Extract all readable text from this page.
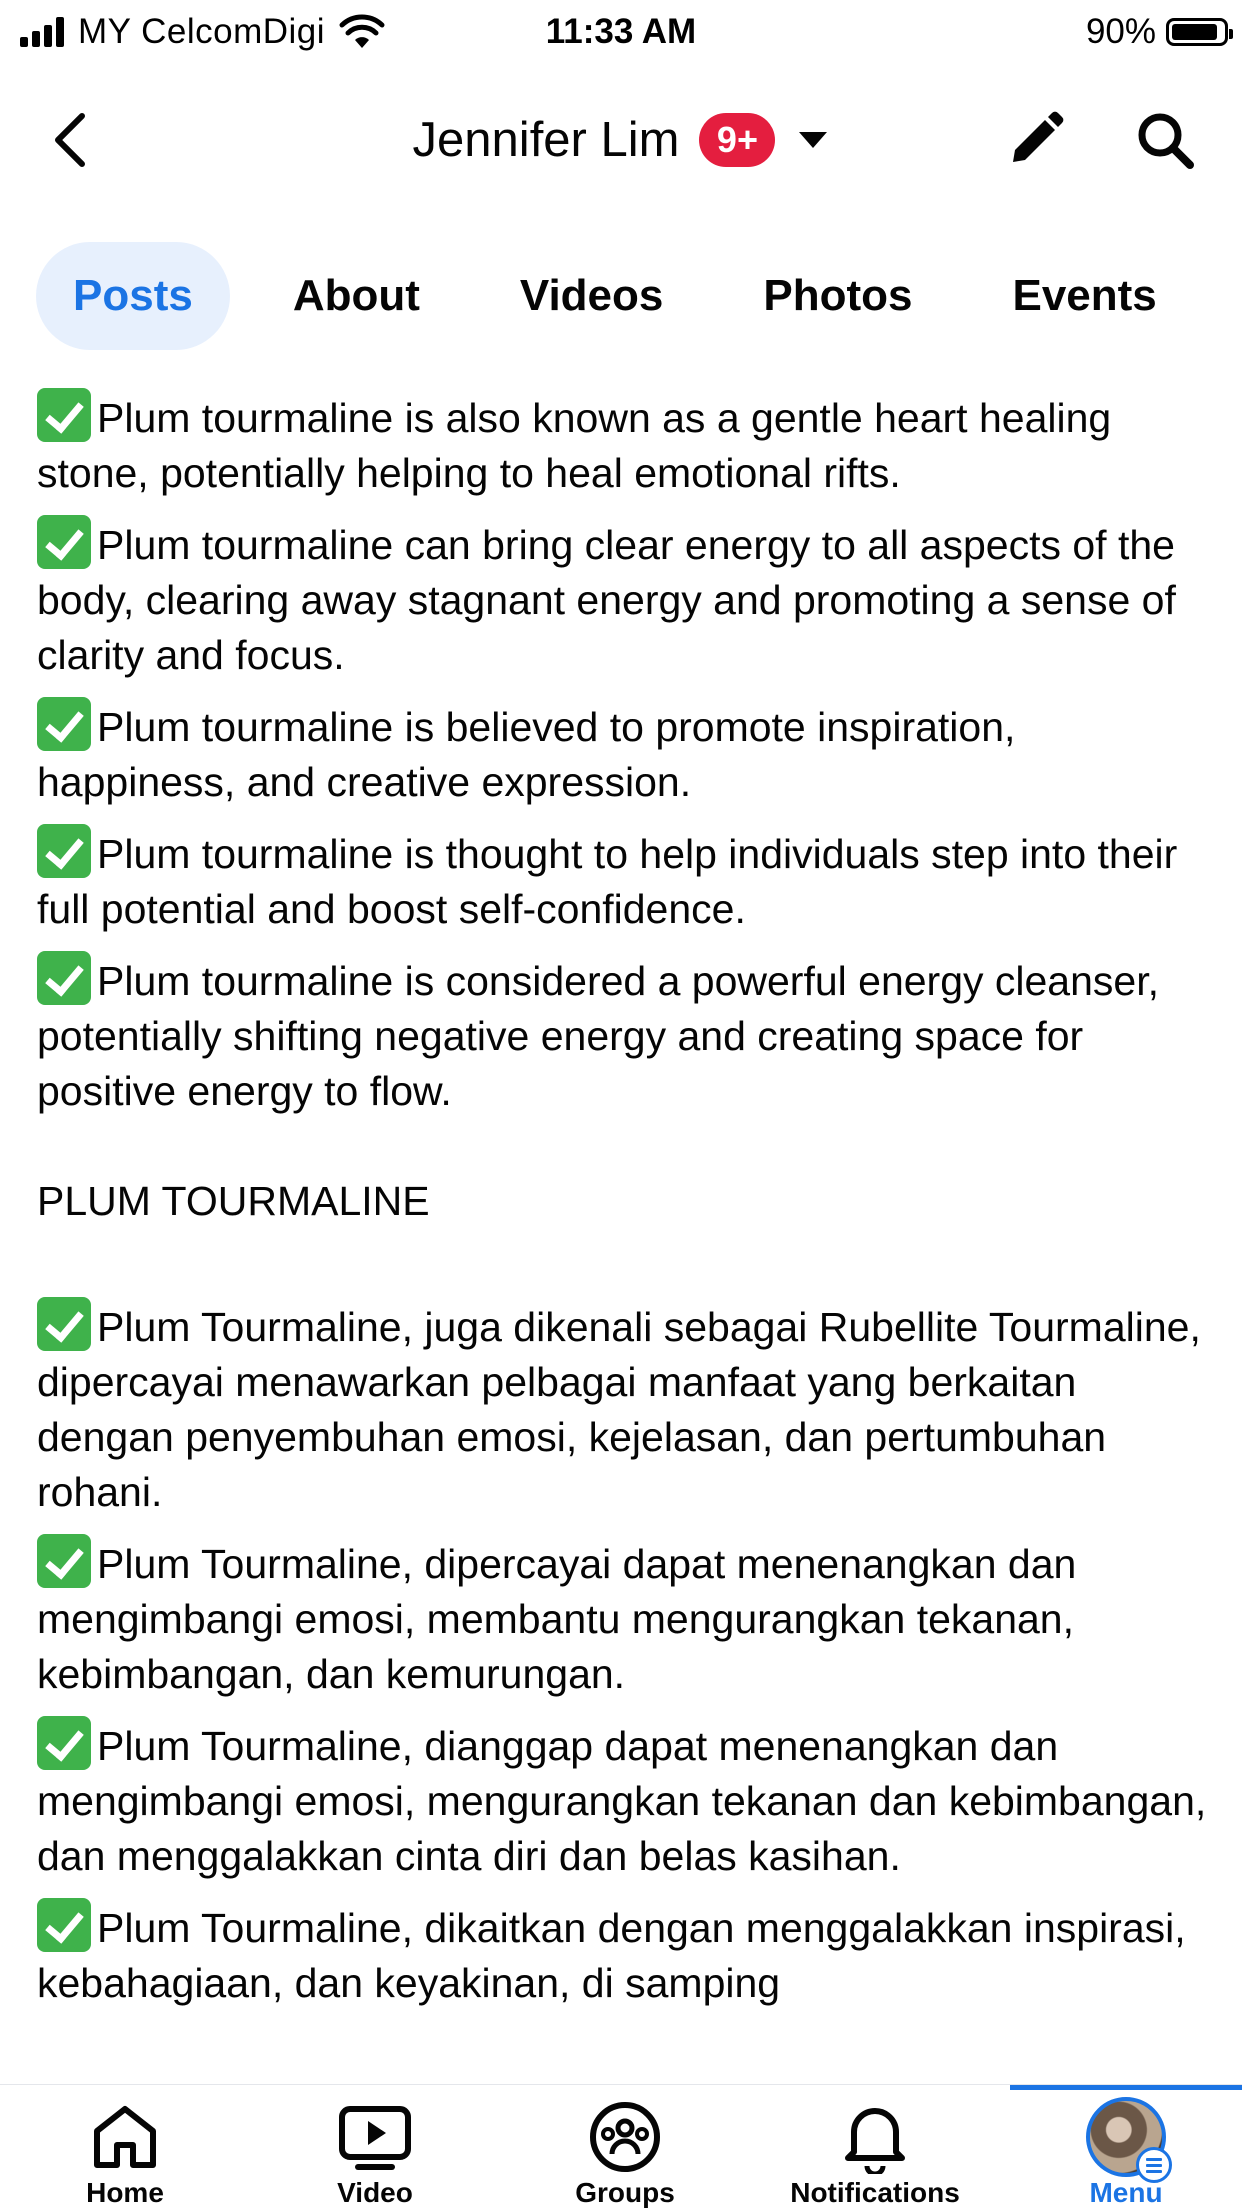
MY CelcomDigi	11:33 AM	90%
Jennifer Lim	9+
Posts	About	Videos	Photos	Events

Plum tourmaline is also known as a gentle heart healing stone, potentially helping to heal emotional rifts.

Plum tourmaline can bring clear energy to all aspects of the body, clearing away stagnant energy and promoting a sense of clarity and focus.

Plum tourmaline is believed to promote inspiration, happiness, and creative expression.

Plum tourmaline is thought to help individuals step into their full potential and boost self-confidence.

Plum tourmaline is considered a powerful energy cleanser, potentially shifting negative energy and creating space for positive energy to flow.

PLUM TOURMALINE

Plum Tourmaline, juga dikenali sebagai Rubellite Tourmaline, dipercayai menawarkan pelbagai manfaat yang berkaitan dengan penyembuhan emosi, kejelasan, dan pertumbuhan rohani.

Plum Tourmaline, dipercayai dapat menenangkan dan mengimbangi emosi, membantu mengurangkan tekanan, kebimbangan, dan kemurungan.

Plum Tourmaline, dianggap dapat menenangkan dan mengimbangi emosi, mengurangkan tekanan dan kebimbangan, dan menggalakkan cinta diri dan belas kasihan.

Plum Tourmaline, dikaitkan dengan menggalakkan inspirasi, kebahagiaan, dan keyakinan, di samping

Home	Video	Groups	Notifications	Menu
